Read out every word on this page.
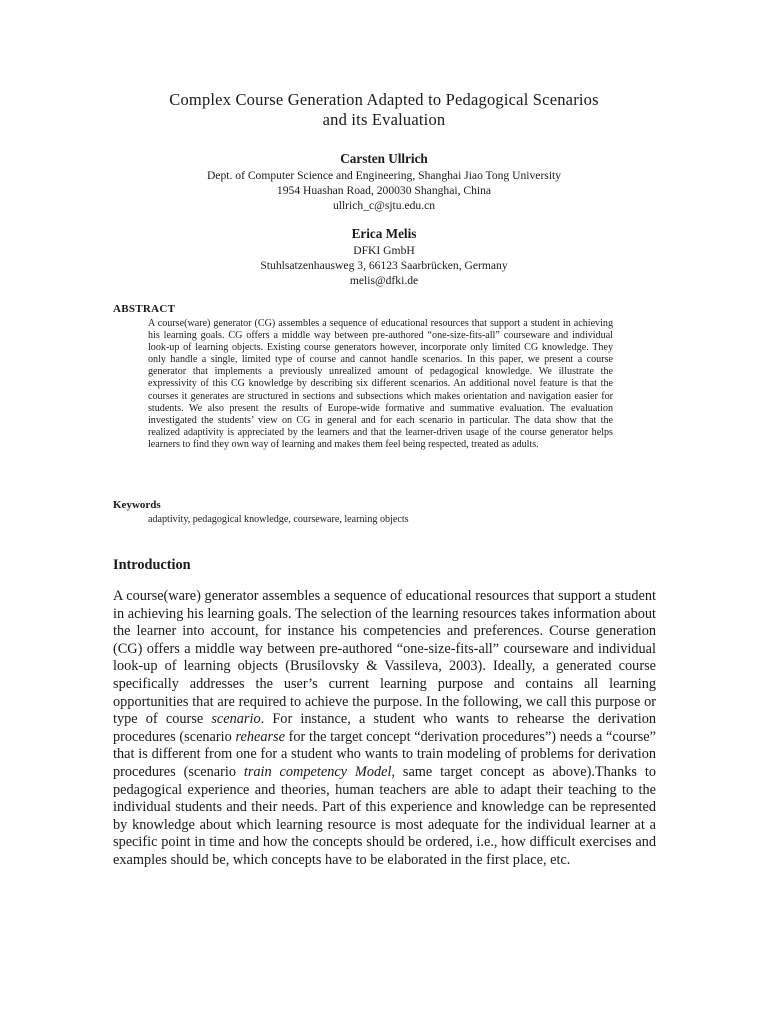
Complex Course Generation Adapted to Pedagogical Scenarios
and its Evaluation
Carsten Ullrich
Dept. of Computer Science and Engineering, Shanghai Jiao Tong University
1954 Huashan Road, 200030 Shanghai, China
ullrich_c@sjtu.edu.cn
Erica Melis
DFKI GmbH
Stuhlsatzenhausweg 3, 66123 Saarbrücken, Germany
melis@dfki.de
ABSTRACT
A course(ware) generator (CG) assembles a sequence of educational resources that support a student in achieving his learning goals. CG offers a middle way between pre-authored “one-size-fits-all” courseware and individual look-up of learning objects. Existing course generators however, incorporate only limited CG knowledge. They only handle a single, limited type of course and cannot handle scenarios. In this paper, we present a course generator that implements a previously unrealized amount of pedagogical knowledge. We illustrate the expressivity of this CG knowledge by describing six different scenarios. An additional novel feature is that the courses it generates are structured in sections and subsections which makes orientation and navigation easier for students. We also present the results of Europe-wide formative and summative evaluation. The evaluation investigated the students’ view on CG in general and for each scenario in particular. The data show that the realized adaptivity is appreciated by the learners and that the learner-driven usage of the course generator helps learners to find they own way of learning and makes them feel being respected, treated as adults.
Keywords
adaptivity, pedagogical knowledge, courseware, learning objects
Introduction

A course(ware) generator assembles a sequence of educational resources that support a student in achieving his learning goals. The selection of the learning resources takes information about the learner into account, for instance his competencies and preferences. Course generation (CG) offers a middle way between pre-authored “one-size-fits-all” courseware and individual look-up of learning objects (Brusilovsky & Vassileva, 2003). Ideally, a generated course specifically addresses the user’s current learning purpose and contains all learning opportunities that are required to achieve the purpose. In the following, we call this purpose or type of course scenario. For instance, a student who wants to rehearse the derivation procedures (scenario rehearse for the target concept “derivation procedures”) needs a “course” that is different from one for a student who wants to train modeling of problems for derivation procedures (scenario train competency Model, same target concept as above).Thanks to pedagogical experience and theories, human teachers are able to adapt their teaching to the individual students and their needs. Part of this experience and knowledge can be represented by knowledge about which learning resource is most adequate for the individual learner at a specific point in time and how the concepts should be ordered, i.e., how difficult exercises and examples should be, which concepts have to be elaborated in the first place, etc.
